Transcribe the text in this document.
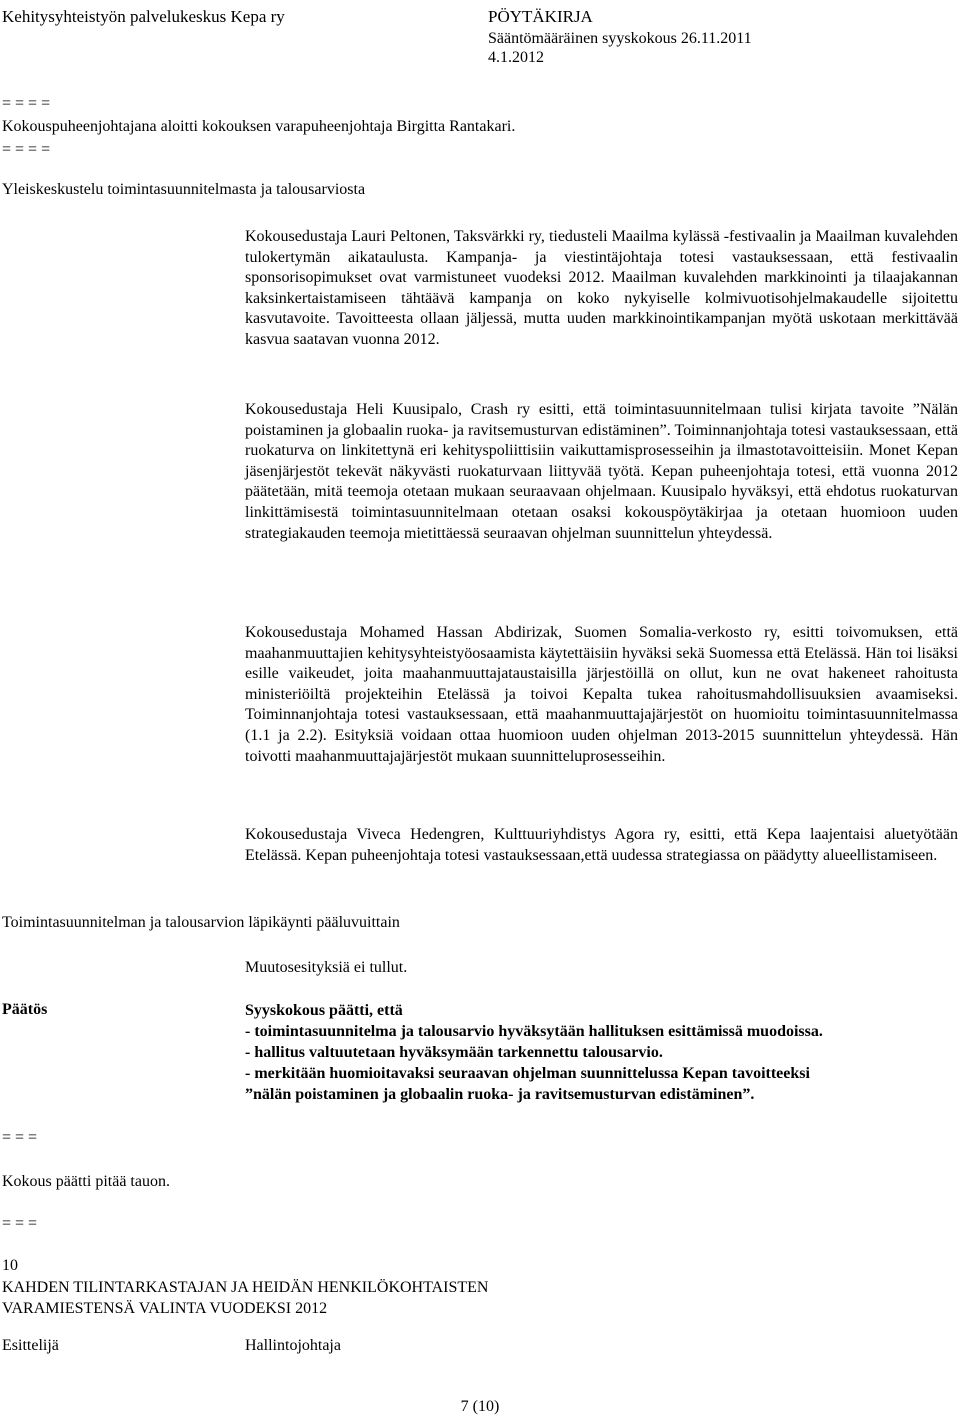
Kehitysyhteistyön palvelukeskus Kepa ry	PÖYTÄKIRJA
Sääntömääräinen syyskokous 26.11.2011
4.1.2012
= = = =
Kokouspuheenjohtajana aloitti kokouksen varapuheenjohtaja Birgitta Rantakari.
= = = =
Yleiskeskustelu toimintasuunnitelmasta ja talousarviosta

Kokousedustaja Lauri Peltonen, Taksvärkki ry, tiedusteli Maailma kylässä -festivaalin ja Maailman kuvalehden tulokertymän aikataulusta. Kampanja- ja viestintäjohtaja totesi vastauksessaan, että festivaalin sponsorisopimukset ovat varmistuneet vuodeksi 2012. Maailman kuvalehden markkinointi ja tilaajakannan kaksinkertaistamiseen tähtäävä kampanja on koko nykyiselle kolmivuotisohjelmakaudelle sijoitettu kasvutavoite. Tavoitteesta ollaan jäljessä, mutta uuden markkinointikampanjan myötä uskotaan merkittävää kasvua saatavan vuonna 2012.

Kokousedustaja Heli Kuusipalo, Crash ry esitti, että toimintasuunnitelmaan tulisi kirjata tavoite ”Nälän poistaminen ja globaalin ruoka- ja ravitsemusturvan edistäminen”. Toiminnanjohtaja totesi vastauksessaan, että ruokaturva on linkitettynä eri kehityspoliittisiin vaikuttamisprosesseihin ja ilmastotavoitteisiin. Monet Kepan jäsenjärjestöt tekevät näkyvästi ruokaturvaan liittyvää työtä. Kepan puheenjohtaja totesi, että vuonna 2012 päätetään, mitä teemoja otetaan mukaan seuraavaan ohjelmaan. Kuusipalo hyväksyi, että ehdotus ruokaturvan linkittämisestä toimintasuunnitelmaan otetaan osaksi kokouspöytäkirjaa ja otetaan huomioon uuden strategiakauden teemoja mietittäessä seuraavan ohjelman suunnittelun yhteydessä.

Kokousedustaja Mohamed Hassan Abdirizak, Suomen Somalia-verkosto ry, esitti toivomuksen, että maahanmuuttajien kehitysyhteistyöosaamista käytettäisiin hyväksi sekä Suomessa että Etelässä. Hän toi lisäksi esille vaikeudet, joita maahanmuuttajataustaisilla järjestöillä on ollut, kun ne ovat hakeneet rahoitusta ministeriöiltä projekteihin Etelässä ja toivoi Kepalta tukea rahoitusmahdollisuuksien avaamiseksi. Toiminnanjohtaja totesi vastauksessaan, että maahanmuuttajajärjestöt on huomioitu toimintasuunnitelmassa (1.1 ja 2.2). Esityksiä voidaan ottaa huomioon uuden ohjelman 2013-2015 suunnittelun yhteydessä. Hän toivotti maahanmuuttajajärjestöt mukaan suunnitteluprosesseihin.

Kokousedustaja Viveca Hedengren, Kulttuuriyhdistys Agora ry, esitti, että Kepa laajentaisi aluetyötään Etelässä. Kepan puheenjohtaja totesi vastauksessaan,että uudessa strategiassa on päädytty alueellistamiseen.

Toimintasuunnitelman ja talousarvion läpikäynti pääluvuittain
Muutosesityksiä ei tullut.
Päätös	Syyskokous päätti, että
- toimintasuunnitelma ja talousarvio hyväksytään hallituksen esittämissä muodoissa.
- hallitus valtuutetaan hyväksymään tarkennettu talousarvio.
- merkitään huomioitavaksi seuraavan ohjelman suunnittelussa Kepan tavoitteeksi
”nälän poistaminen ja globaalin ruoka- ja ravitsemusturvan edistäminen”.
= = =
Kokous päätti pitää tauon.
= = =
10
KAHDEN TILINTARKASTAJAN JA HEIDÄN HENKILÖKOHTAISTEN
VARAMIESTENSÄ VALINTA VUODEKSI 2012
Esittelijä	Hallintojohtaja
7 (10)
